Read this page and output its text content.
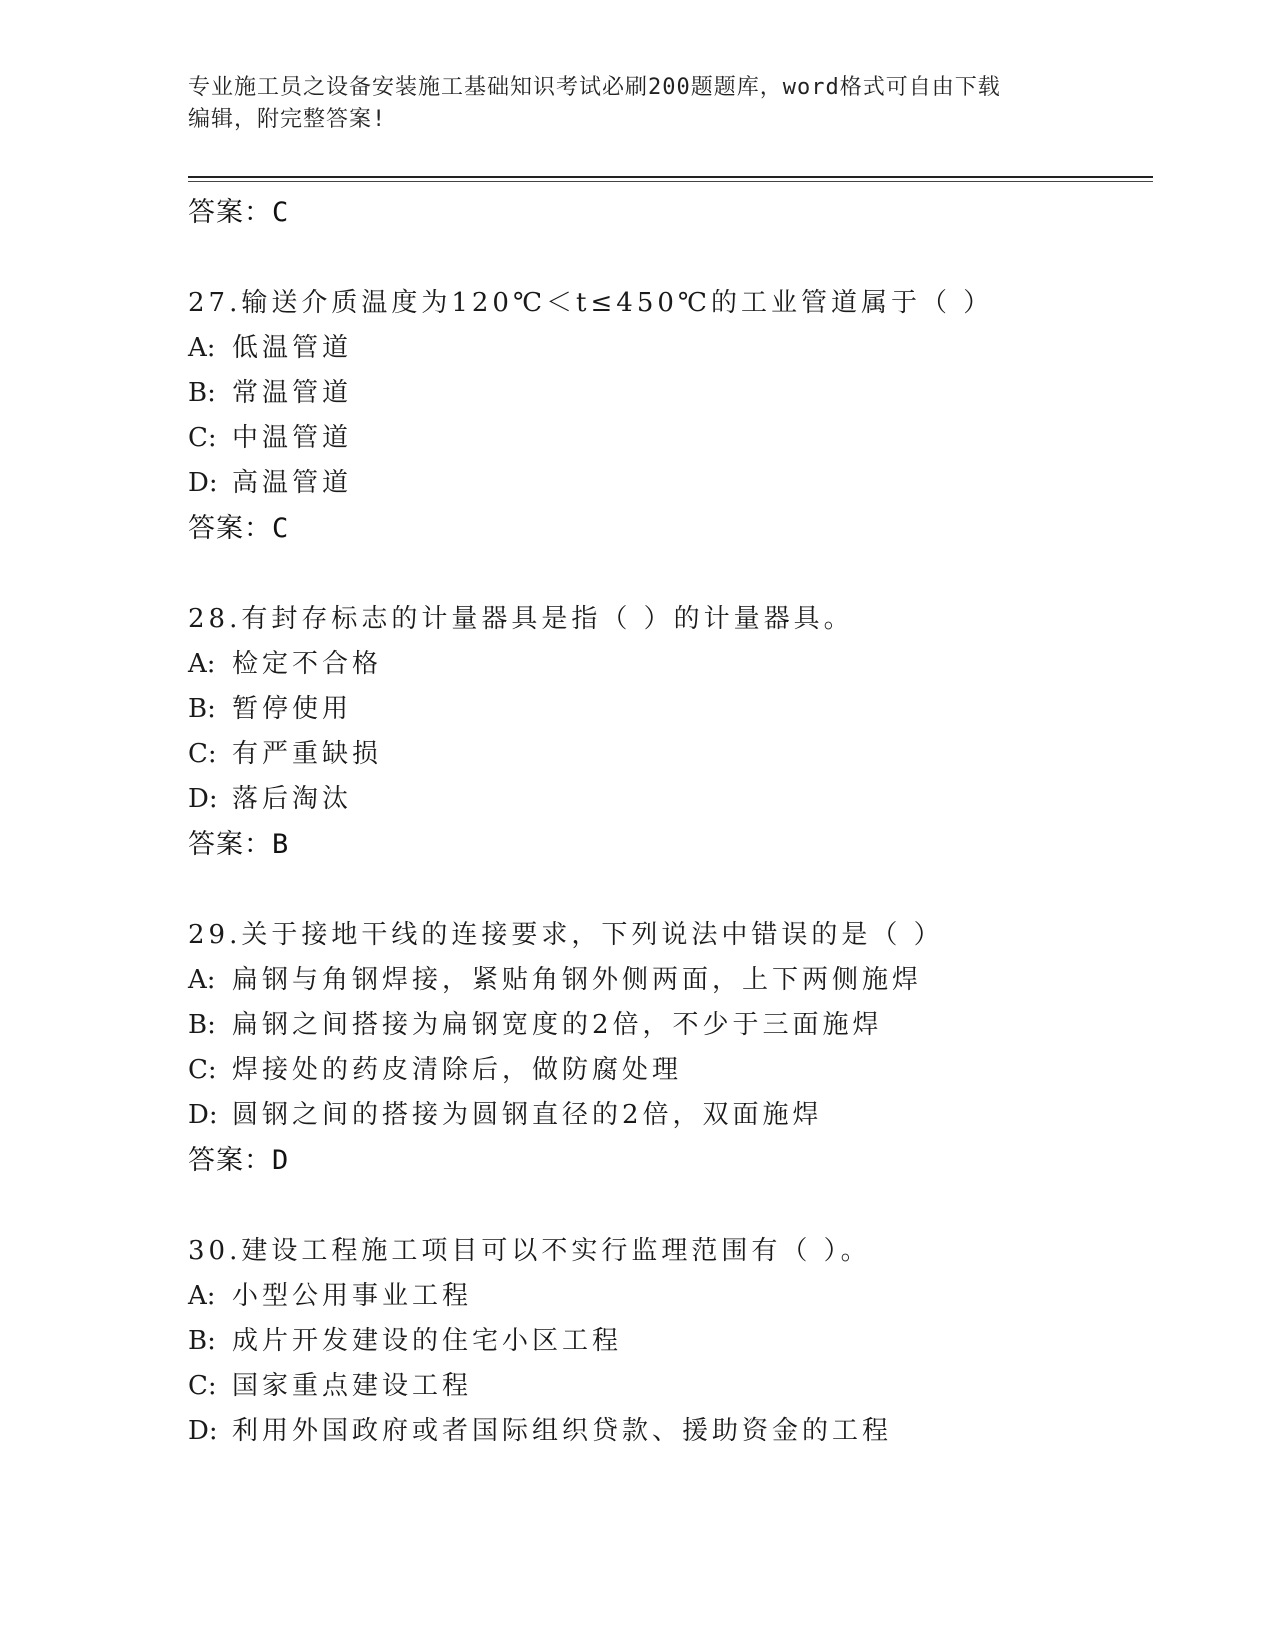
专业施工员之设备安装施工基础知识考试必刷200题题库，word格式可自由下载
编辑，附完整答案!
答案：C
27.输送介质温度为120℃＜t≤450℃的工业管道属于（ ）
A: 低温管道
B: 常温管道
C: 中温管道
D: 高温管道
答案：C
28.有封存标志的计量器具是指（ ）的计量器具。
A: 检定不合格
B: 暂停使用
C: 有严重缺损
D: 落后淘汰
答案：B
29.关于接地干线的连接要求，下列说法中错误的是（ ）
A: 扁钢与角钢焊接，紧贴角钢外侧两面，上下两侧施焊
B: 扁钢之间搭接为扁钢宽度的2倍，不少于三面施焊
C: 焊接处的药皮清除后，做防腐处理
D: 圆钢之间的搭接为圆钢直径的2倍，双面施焊
答案：D
30.建设工程施工项目可以不实行监理范围有（ ）。
A: 小型公用事业工程
B: 成片开发建设的住宅小区工程
C: 国家重点建设工程
D: 利用外国政府或者国际组织贷款、援助资金的工程
